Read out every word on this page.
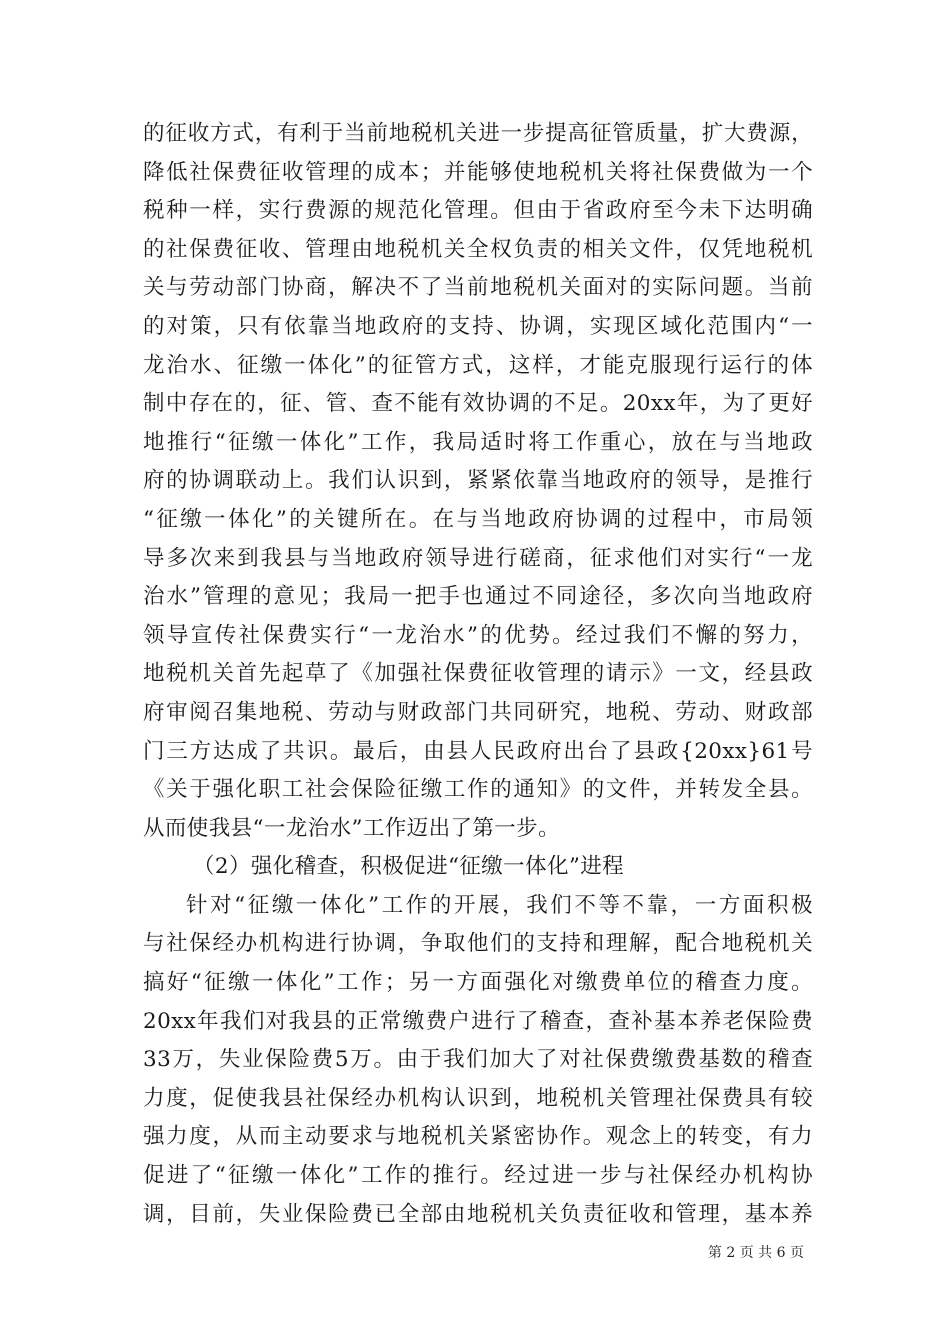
的征收方式，有利于当前地税机关进一步提高征管质量，扩大费源，
降低社保费征收管理的成本；并能够使地税机关将社保费做为一个
税种一样，实行费源的规范化管理。但由于省政府至今未下达明确
的社保费征收、管理由地税机关全权负责的相关文件，仅凭地税机
关与劳动部门协商，解决不了当前地税机关面对的实际问题。当前
的对策，只有依靠当地政府的支持、协调，实现区域化范围内“一
龙治水、征缴一体化”的征管方式，这样，才能克服现行运行的体
制中存在的，征、管、查不能有效协调的不足。20xx年，为了更好
地推行“征缴一体化”工作，我局适时将工作重心，放在与当地政
府的协调联动上。我们认识到，紧紧依靠当地政府的领导，是推行
“征缴一体化”的关键所在。在与当地政府协调的过程中，市局领
导多次来到我县与当地政府领导进行磋商，征求他们对实行“一龙
治水”管理的意见；我局一把手也通过不同途径，多次向当地政府
领导宣传社保费实行“一龙治水”的优势。经过我们不懈的努力，
地税机关首先起草了《加强社保费征收管理的请示》一文，经县政
府审阅召集地税、劳动与财政部门共同研究，地税、劳动、财政部
门三方达成了共识。最后，由县人民政府出台了县政{20xx}61号
《关于强化职工社会保险征缴工作的通知》的文件，并转发全县。
从而使我县“一龙治水”工作迈出了第一步。
（2）强化稽查，积极促进“征缴一体化”进程
针对“征缴一体化”工作的开展，我们不等不靠，一方面积极
与社保经办机构进行协调，争取他们的支持和理解，配合地税机关
搞好“征缴一体化”工作；另一方面强化对缴费单位的稽查力度。
20xx年我们对我县的正常缴费户进行了稽查，查补基本养老保险费
33万，失业保险费5万。由于我们加大了对社保费缴费基数的稽查
力度，促使我县社保经办机构认识到，地税机关管理社保费具有较
强力度，从而主动要求与地税机关紧密协作。观念上的转变，有力
促进了“征缴一体化”工作的推行。经过进一步与社保经办机构协
调，目前，失业保险费已全部由地税机关负责征收和管理，基本养
第 2 页 共 6 页
